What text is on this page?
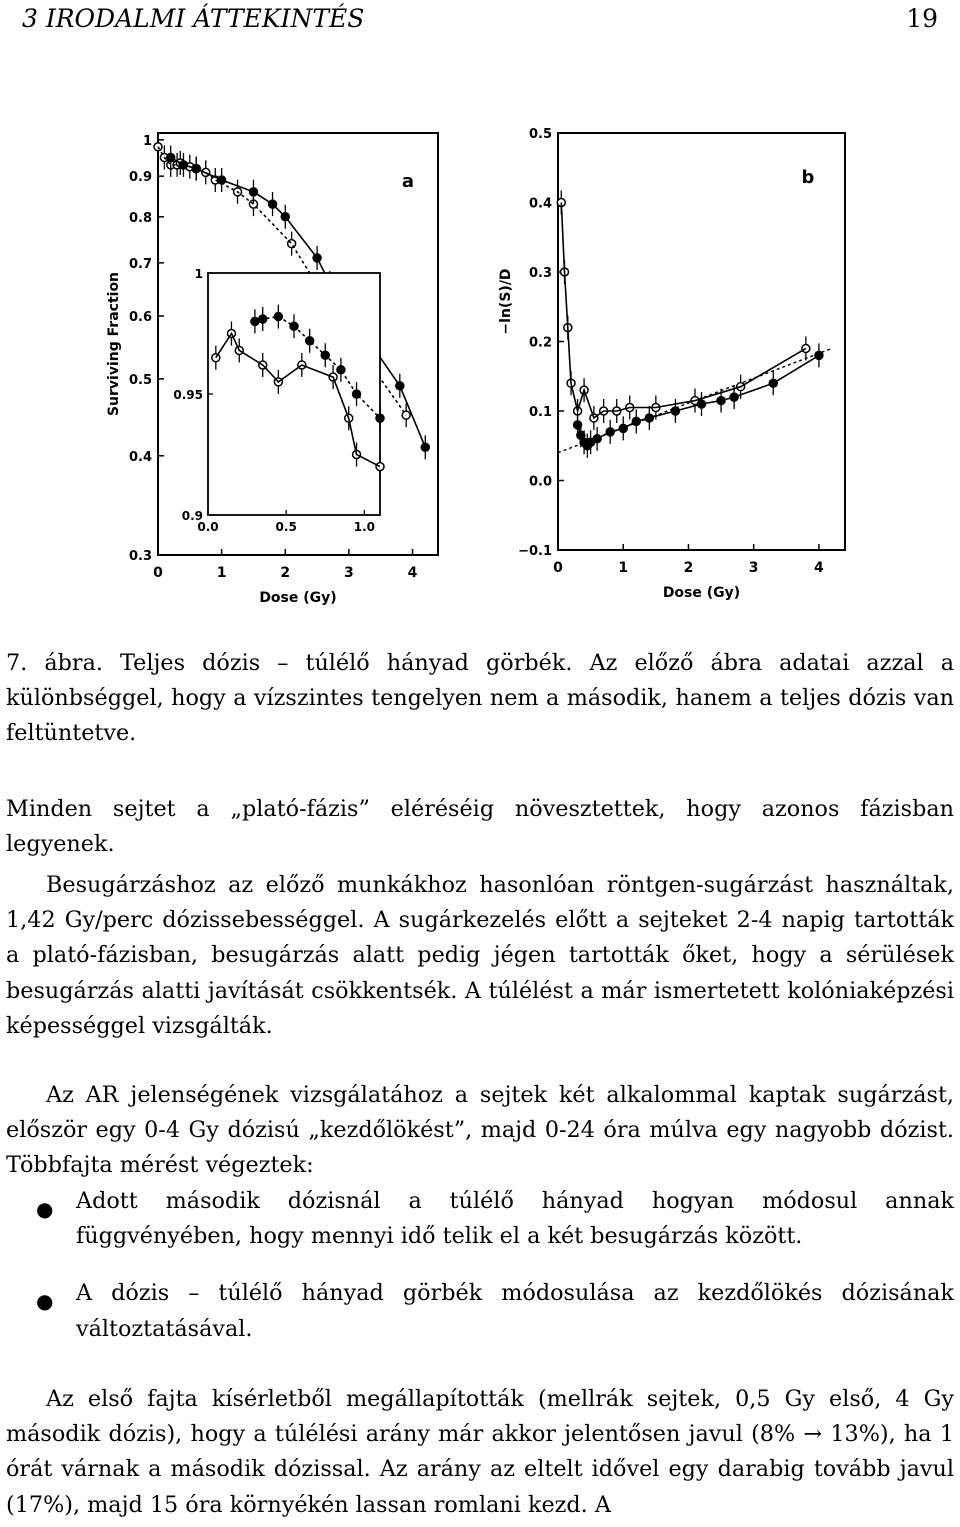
3 IRODALMI ÁTTEKINTÉS	19
0	1	2	3	4
0.3
0.4
0.5
0.6
0.7
0.8
0.9
1
Dose (Gy)
Surviving Fraction
a
0.0	0.5	1.0
0.9
0.95
1
0	1	2	3	4
−0.1
0.0
0.1
0.2
0.3
0.4
0.5
Dose (Gy)
−ln(S)/D
b

7. ábra. Teljes dózis – túlélő hányad görbék. Az előző ábra adatai azzal a különbséggel, hogy a vízszintes tengelyen nem a második, hanem a teljes dózis van feltüntetve.

Minden sejtet a „plató-fázis” eléréséig növesztettek, hogy azonos fázisban legyenek.

Besugárzáshoz az előző munkákhoz hasonlóan röntgen-sugárzást használtak, 1,42 Gy/perc dózissebességgel. A sugárkezelés előtt a sejteket 2-4 napig tartották a plató-fázisban, besugárzás alatt pedig jégen tartották őket, hogy a sérülések besugárzás alatti javítását csökkentsék. A túlélést a már ismertetett kolóniaképzési képességgel vizsgálták.

Az AR jelenségének vizsgálatához a sejtek két alkalommal kaptak sugárzást, először egy 0-4 Gy dózisú „kezdőlökést”, majd 0-24 óra múlva egy nagyobb dózist. Többfajta mérést végeztek:

● Adott második dózisnál a túlélő hányad hogyan módosul annak függvényében, hogy mennyi idő telik el a két besugárzás között.
● A dózis – túlélő hányad görbék módosulása az kezdőlökés dózisának változtatásával.

Az első fajta kísérletből megállapították (mellrák sejtek, 0,5 Gy első, 4 Gy második dózis), hogy a túlélési arány már akkor jelentősen javul (8% → 13%), ha 1 órát várnak a második dózissal. Az arány az eltelt idővel egy darabig tovább javul (17%), majd 15 óra környékén lassan romlani kezd. A
